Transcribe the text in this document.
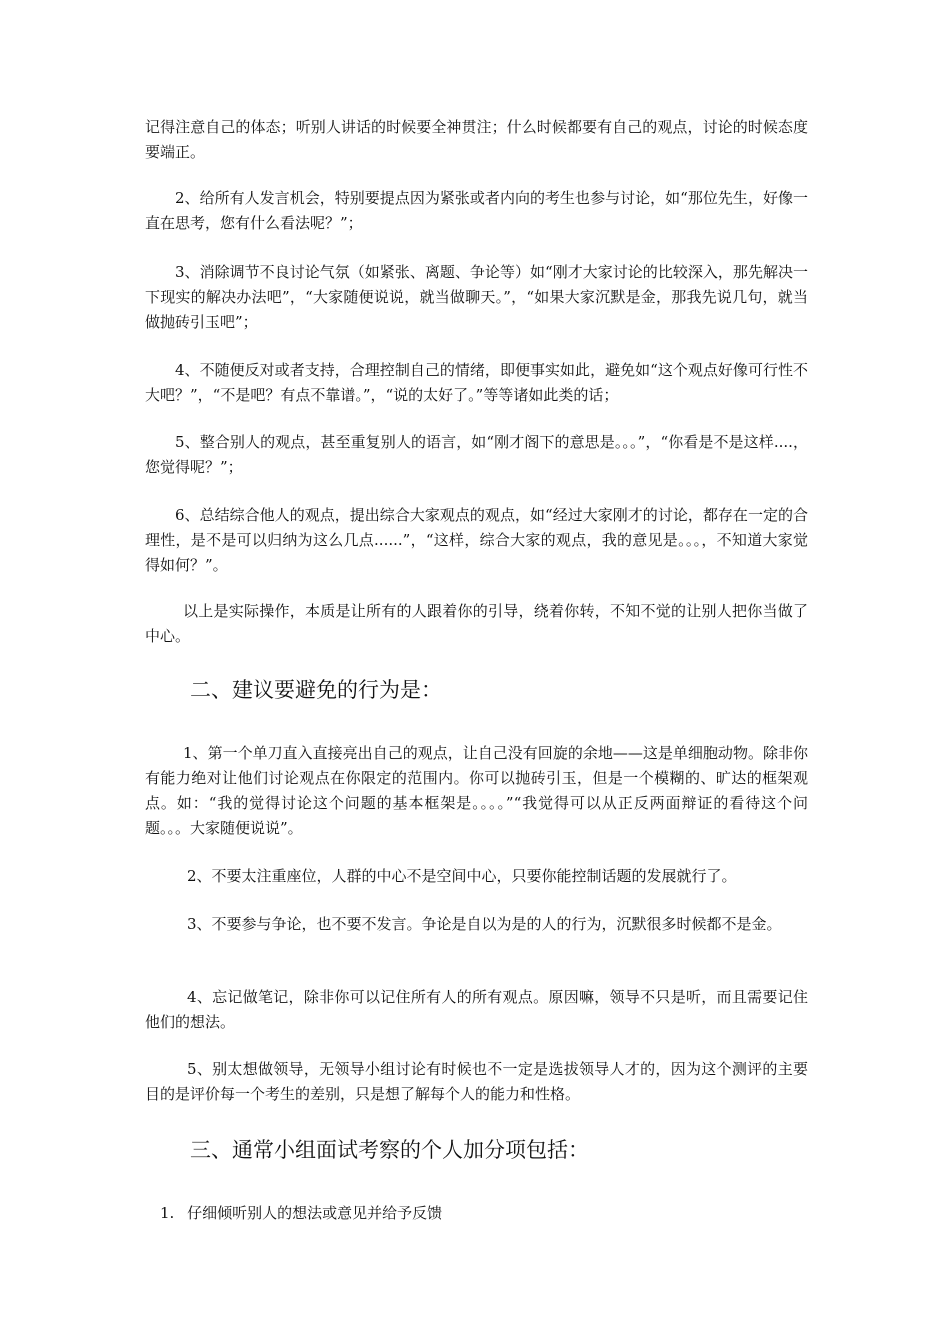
记得注意自己的体态；听别人讲话的时候要全神贯注；什么时候都要有自己的观点，讨论的时候态度要端正。

2、给所有人发言机会，特别要提点因为紧张或者内向的考生也参与讨论，如“那位先生，好像一直在思考，您有什么看法呢？”；

3、消除调节不良讨论气氛（如紧张、离题、争论等）如“刚才大家讨论的比较深入，那先解决一下现实的解决办法吧”，“大家随便说说，就当做聊天。”，“如果大家沉默是金，那我先说几句，就当做抛砖引玉吧”；

4、不随便反对或者支持，合理控制自己的情绪，即便事实如此，避免如“这个观点好像可行性不大吧？”，“不是吧？有点不靠谱。”，“说的太好了。”等等诸如此类的话；

5、整合别人的观点，甚至重复别人的语言，如“刚才阁下的意思是。。。”，“你看是不是这样....，您觉得呢？”；

6、总结综合他人的观点，提出综合大家观点的观点，如“经过大家刚才的讨论，都存在一定的合理性，是不是可以归纳为这么几点......”，“这样，综合大家的观点，我的意见是。。。，不知道大家觉得如何？”。

以上是实际操作，本质是让所有的人跟着你的引导，绕着你转，不知不觉的让别人把你当做了中心。

二、建议要避免的行为是：

1、第一个单刀直入直接亮出自己的观点，让自己没有回旋的余地——这是单细胞动物。除非你有能力绝对让他们讨论观点在你限定的范围内。你可以抛砖引玉，但是一个模糊的、旷达的框架观点。如：“我的觉得讨论这个问题的基本框架是。。。。”“我觉得可以从正反两面辩证的看待这个问题。。。大家随便说说”。

2、不要太注重座位，人群的中心不是空间中心，只要你能控制话题的发展就行了。

3、不要参与争论，也不要不发言。争论是自以为是的人的行为，沉默很多时候都不是金。

4、忘记做笔记，除非你可以记住所有人的所有观点。原因嘛，领导不只是听，而且需要记住他们的想法。

5、别太想做领导，无领导小组讨论有时候也不一定是选拔领导人才的，因为这个测评的主要目的是评价每一个考生的差别，只是想了解每个人的能力和性格。

三、通常小组面试考察的个人加分项包括：
1. 仔细倾听别人的想法或意见并给予反馈
